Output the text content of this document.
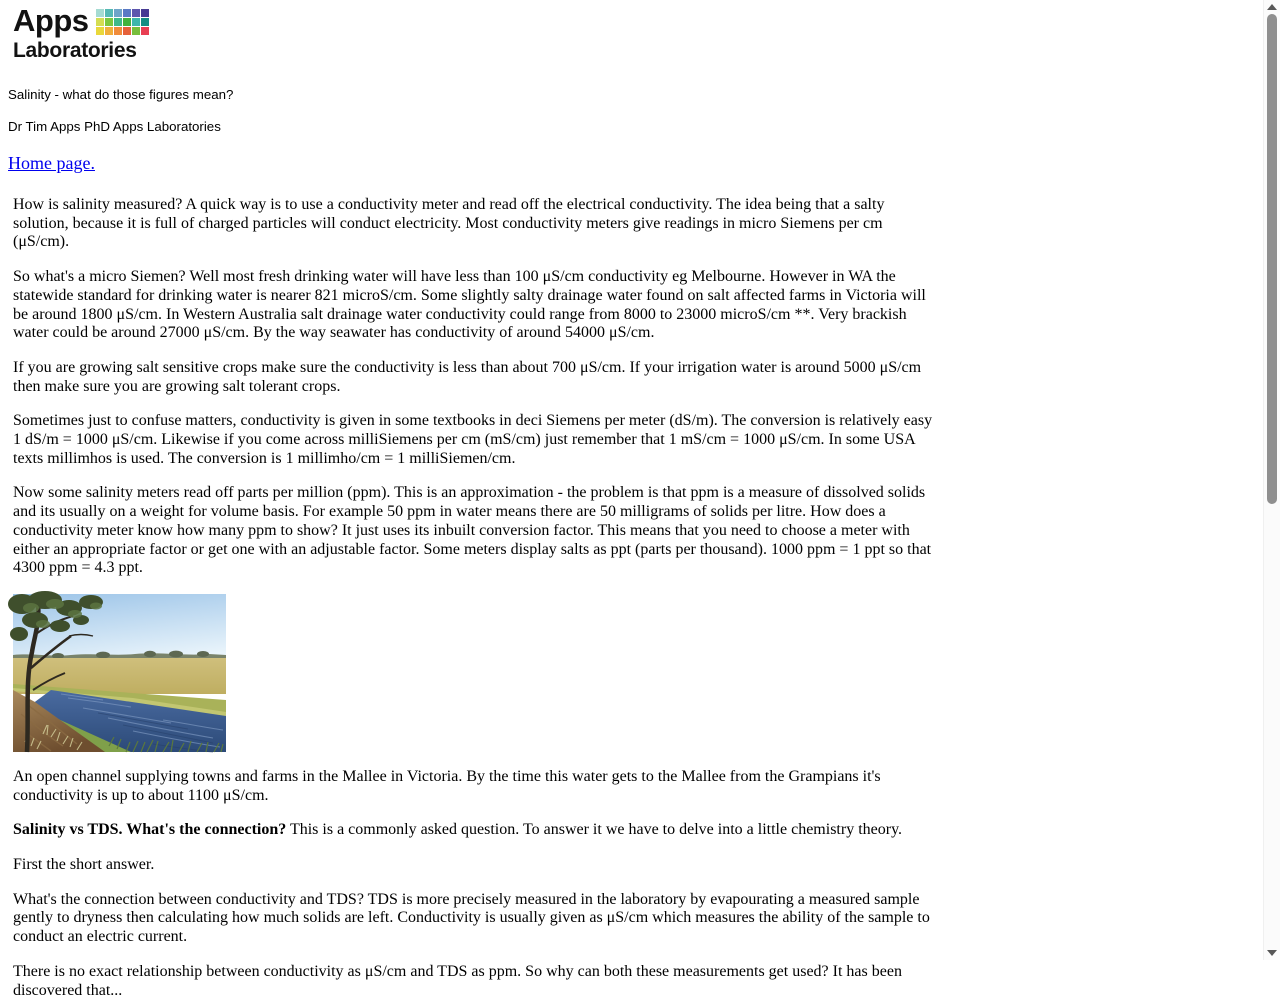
Apps
Laboratories

Salinity - what do those figures mean?

Dr Tim Apps PhD Apps Laboratories

Home page.

How is salinity measured? A quick way is to use a conductivity meter and read off the electrical conductivity. The idea being that a salty solution, because it is full of charged particles will conduct electricity. Most conductivity meters give readings in micro Siemens per cm (μS/cm).

So what's a micro Siemen? Well most fresh drinking water will have less than 100 μS/cm conductivity eg Melbourne. However in WA the statewide standard for drinking water is nearer 821 microS/cm. Some slightly salty drainage water found on salt affected farms in Victoria will be around 1800 μS/cm. In Western Australia salt drainage water conductivity could range from 8000 to 23000 microS/cm **. Very brackish water could be around 27000 μS/cm. By the way seawater has conductivity of around 54000 μS/cm.

If you are growing salt sensitive crops make sure the conductivity is less than about 700 μS/cm. If your irrigation water is around 5000 μS/cm then make sure you are growing salt tolerant crops.

Sometimes just to confuse matters, conductivity is given in some textbooks in deci Siemens per meter (dS/m). The conversion is relatively easy 1 dS/m = 1000 μS/cm. Likewise if you come across milliSiemens per cm (mS/cm) just remember that 1 mS/cm = 1000 μS/cm. In some USA texts millimhos is used. The conversion is 1 millimho/cm = 1 milliSiemen/cm.

Now some salinity meters read off parts per million (ppm). This is an approximation - the problem is that ppm is a measure of dissolved solids and its usually on a weight for volume basis. For example 50 ppm in water means there are 50 milligrams of solids per litre. How does a conductivity meter know how many ppm to show? It just uses its inbuilt conversion factor. This means that you need to choose a meter with either an appropriate factor or get one with an adjustable factor. Some meters display salts as ppt (parts per thousand). 1000 ppm = 1 ppt so that 4300 ppm = 4.3 ppt.

An open channel supplying towns and farms in the Mallee in Victoria. By the time this water gets to the Mallee from the Grampians it's conductivity is up to about 1100 μS/cm.

Salinity vs TDS. What's the connection? This is a commonly asked question. To answer it we have to delve into a little chemistry theory.

First the short answer.

What's the connection between conductivity and TDS? TDS is more precisely measured in the laboratory by evapourating a measured sample gently to dryness then calculating how much solids are left. Conductivity is usually given as μS/cm which measures the ability of the sample to conduct an electric current.

There is no exact relationship between conductivity as μS/cm and TDS as ppm. So why can both these measurements get used? It has been discovered that...
